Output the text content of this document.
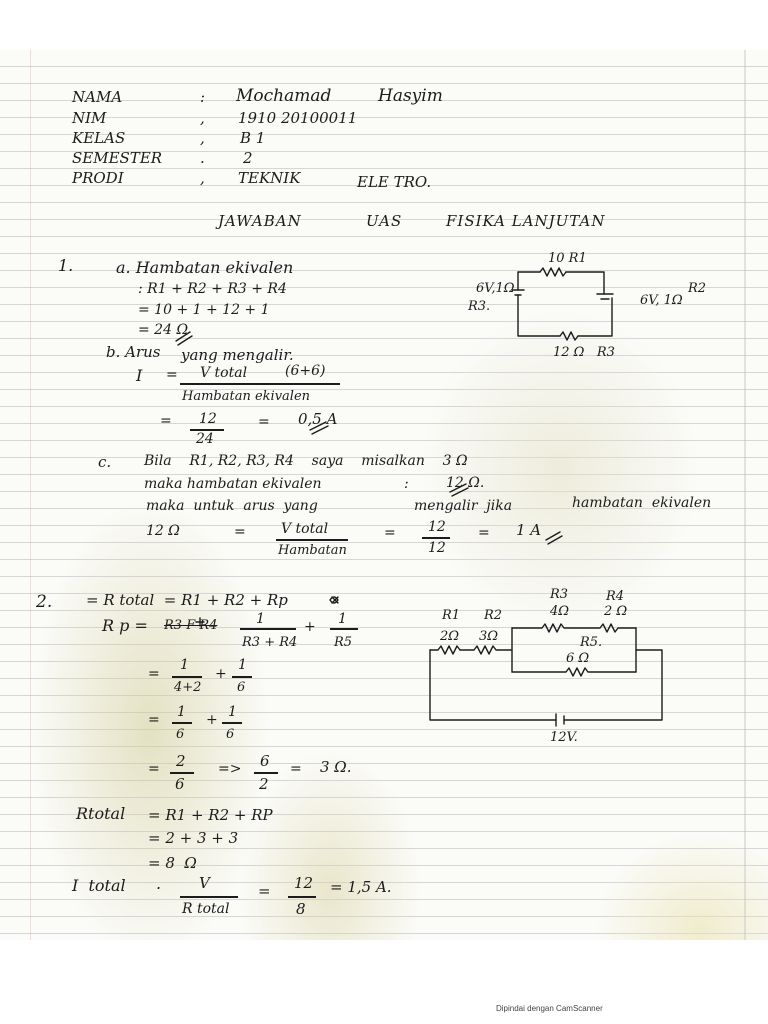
NAMA	: Mochamad	Hasyim
NIM	, 1910 20100011
KELAS	, B 1
SEMESTER	.	2
PRODI	, TEKNIK	ELE TRO.
JAWABAN	UAS	FISIKA LANJUTAN
1.	a. Hambatan ekivalen
: R1 + R2 + R3 + R4
= 10 + 1 + 12 + 1
= 24 Ω
b. Arus yang mengalir.
I = V total	(6+6)
Hambatan ekivalen
= 12
24
= 0,5 A
c. Bila    R1, R2, R3, R4    saya    misalkan    3 Ω
maka hambatan ekivalen	:	12 Ω.
maka  untuk  arus  yang	mengalir  jika	hambatan  ekivalen
12 Ω	=	V total
Hambatan
= 12
12
= 1 A
10 R1
6V,1Ω
R3.
R2
6V, 1Ω
12 Ω   R3
2. = R total  = R1 + R2 + Rp
R p = R3 F R4	1
R3 + R4
+ 1
R5
=
1
4+2
+
1
6
= 1
6
+ 1
6
= 2
6
=> 6
2
= 3 Ω.
Rtotal = R1 + R2 + RP
= 2 + 3 + 3
= 8  Ω
I  total .	V
R total
= 12
8
= 1,5 A.
R1
2Ω
R2
3Ω
R3
4Ω
R4
2 Ω
R5.
6 Ω
12V.
Dipindai dengan CamScanner
